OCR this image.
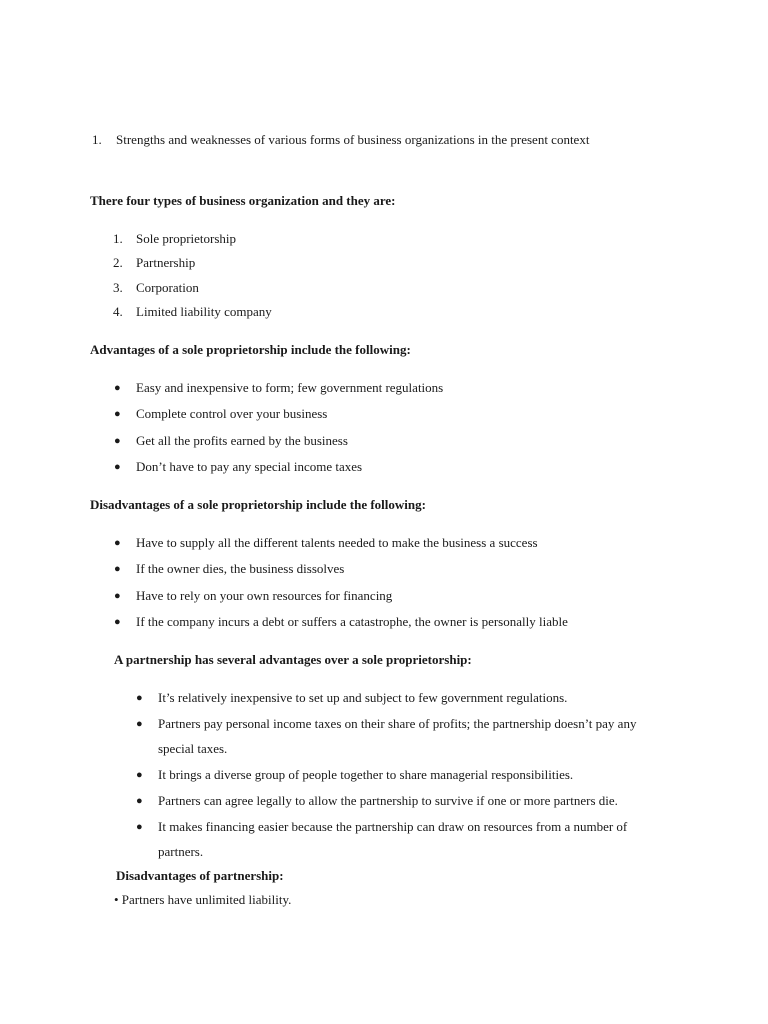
1. Strengths and weaknesses of various forms of business organizations in the present context
There four types of business organization and they are:
1. Sole proprietorship
2. Partnership
3. Corporation
4. Limited liability company
Advantages of a sole proprietorship include the following:
● Easy and inexpensive to form; few government regulations
● Complete control over your business
● Get all the profits earned by the business
● Don’t have to pay any special income taxes
Disadvantages of a sole proprietorship include the following:
● Have to supply all the different talents needed to make the business a success
● If the owner dies, the business dissolves
● Have to rely on your own resources for financing
● If the company incurs a debt or suffers a catastrophe, the owner is personally liable
A partnership has several advantages over a sole proprietorship:
● It’s relatively inexpensive to set up and subject to few government regulations.
● Partners pay personal income taxes on their share of profits; the partnership doesn’t pay any
special taxes.
● It brings a diverse group of people together to share managerial responsibilities.
● Partners can agree legally to allow the partnership to survive if one or more partners die.
● It makes financing easier because the partnership can draw on resources from a number of
partners.
Disadvantages of partnership:
• Partners have unlimited liability.
